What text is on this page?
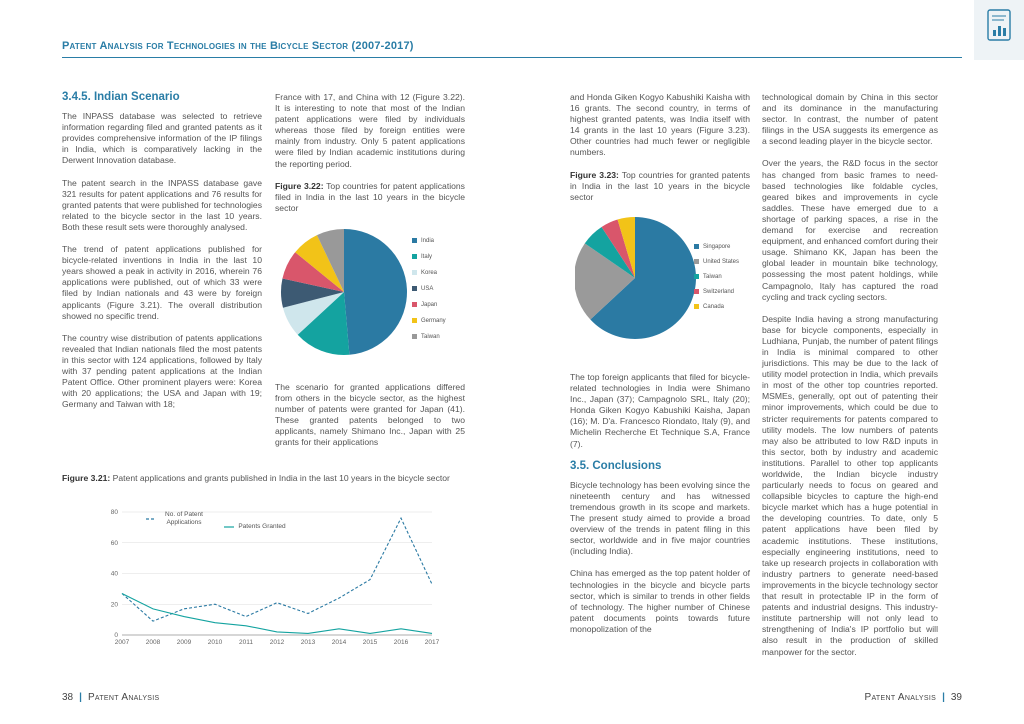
Patent Analysis for Technologies in the Bicycle Sector (2007-2017)
3.4.5. Indian Scenario

The INPASS database was selected to retrieve information regarding filed and granted patents as it provides comprehensive information of the IP filings in India, which is comparatively lacking in the Derwent Innovation database.

The patent search in the INPASS database gave 321 results for patent applications and 76 results for granted patents that were published for technologies related to the bicycle sector in the last 10 years. Both these result sets were thoroughly analysed.

The trend of patent applications published for bicycle-related inventions in India in the last 10 years showed a peak in activity in 2016, wherein 76 applications were published, out of which 33 were filed by Indian nationals and 43 were by foreign applicants (Figure 3.21). The overall distribution showed no specific trend.

The country wise distribution of patents applications revealed that Indian nationals filed the most patents in this sector with 124 applications, followed by Italy with 37 pending patent applications at the Indian Patent Office. Other prominent players were: Korea with 20 applications; the USA and Japan with 19; Germany and Taiwan with 18;

France with 17, and China with 12 (Figure 3.22). It is interesting to note that most of the Indian patent applications were filed by individuals whereas those filed by foreign entities were mainly from industry. Only 5 patent applications were filed by Indian academic institutions during the reporting period.

Figure 3.22: Top countries for patent applications filed in India in the last 10 years in the bicycle sector

The scenario for granted applications differed from others in the bicycle sector, as the highest number of patents were granted for Japan (41). These granted patents belonged to two applicants, namely Shimano Inc., Japan with 25 grants for their applications

India
Italy
Korea
USA
Japan
Germany
Taiwan

and Honda Giken Kogyo Kabushiki Kaisha with 16 grants. The second country, in terms of highest granted patents, was India itself with 14 grants in the last 10 years (Figure 3.23). Other countries had much fewer or negligible numbers.

Figure 3.23: Top countries for granted patents in India in the last 10 years in the bicycle sector

Singapore
United States
Taiwan
Switzerland
Canada

The top foreign applicants that filed for bicycle-related technologies in India were Shimano Inc., Japan (37); Campagnolo SRL, Italy (20); Honda Giken Kogyo Kabushiki Kaisha, Japan (16); M. D'a. Francesco Riondato, Italy (9), and Michelin Recherche Et Technique S.A, France (7).

3.5. Conclusions

Bicycle technology has been evolving since the nineteenth century and has witnessed tremendous growth in its scope and markets. The present study aimed to provide a broad overview of the trends in patent filing in this sector, worldwide and in five major countries (including India).

China has emerged as the top patent holder of technologies in the bicycle and bicycle parts sector, which is similar to trends in other fields of technology. The higher number of Chinese patent documents points towards future monopolization of the

technological domain by China in this sector and its dominance in the manufacturing sector. In contrast, the number of patent filings in the USA suggests its emergence as a second leading player in the bicycle sector.

Over the years, the R&D focus in the sector has changed from basic frames to need-based technologies like foldable cycles, geared bikes and improvements in cycle saddles. These have emerged due to a shortage of parking spaces, a rise in the demand for exercise and recreation equipment, and enhanced comfort during their usage. Shimano KK, Japan has been the global leader in mountain bike technology, possessing the most patent holdings, while Campagnolo, Italy has captured the road cycling and track cycling sectors.

Despite India having a strong manufacturing base for bicycle components, especially in Ludhiana, Punjab, the number of patent filings in India is minimal compared to other jurisdictions. This may be due to the lack of utility model protection in India, which prevails in most of the other top countries reported. MSMEs, generally, opt out of patenting their minor improvements, which could be due to stricter requirements for patents compared to utility models. The low numbers of patents may also be attributed to low R&D inputs in this sector, both by industry and academic institutions. Parallel to other top applicants worldwide, the Indian bicycle industry particularly needs to focus on geared and collapsible bicycles to capture the high-end bicycle market which has a huge potential in the developing countries. To date, only 5 patent applications have been filed by academic institutions. These institutions, especially engineering institutions, need to take up research projects in collaboration with industry partners to generate need-based improvements in the bicycle technology sector that result in protectable IP in the form of patents and industrial designs. This industry-institute partnership will not only lead to strengthening of India's IP portfolio but will also result in the production of skilled manpower for the sector.

Figure 3.21: Patent applications and grants published in India in the last 10 years in the bicycle sector

0
20
40
60
80
2007	2008	2009	2010	2011	2012	2013	2014	2015	2016	2017
No. of Patent Applications
Patents Granted
38 | Patent Analysis	Patent Analysis | 39
